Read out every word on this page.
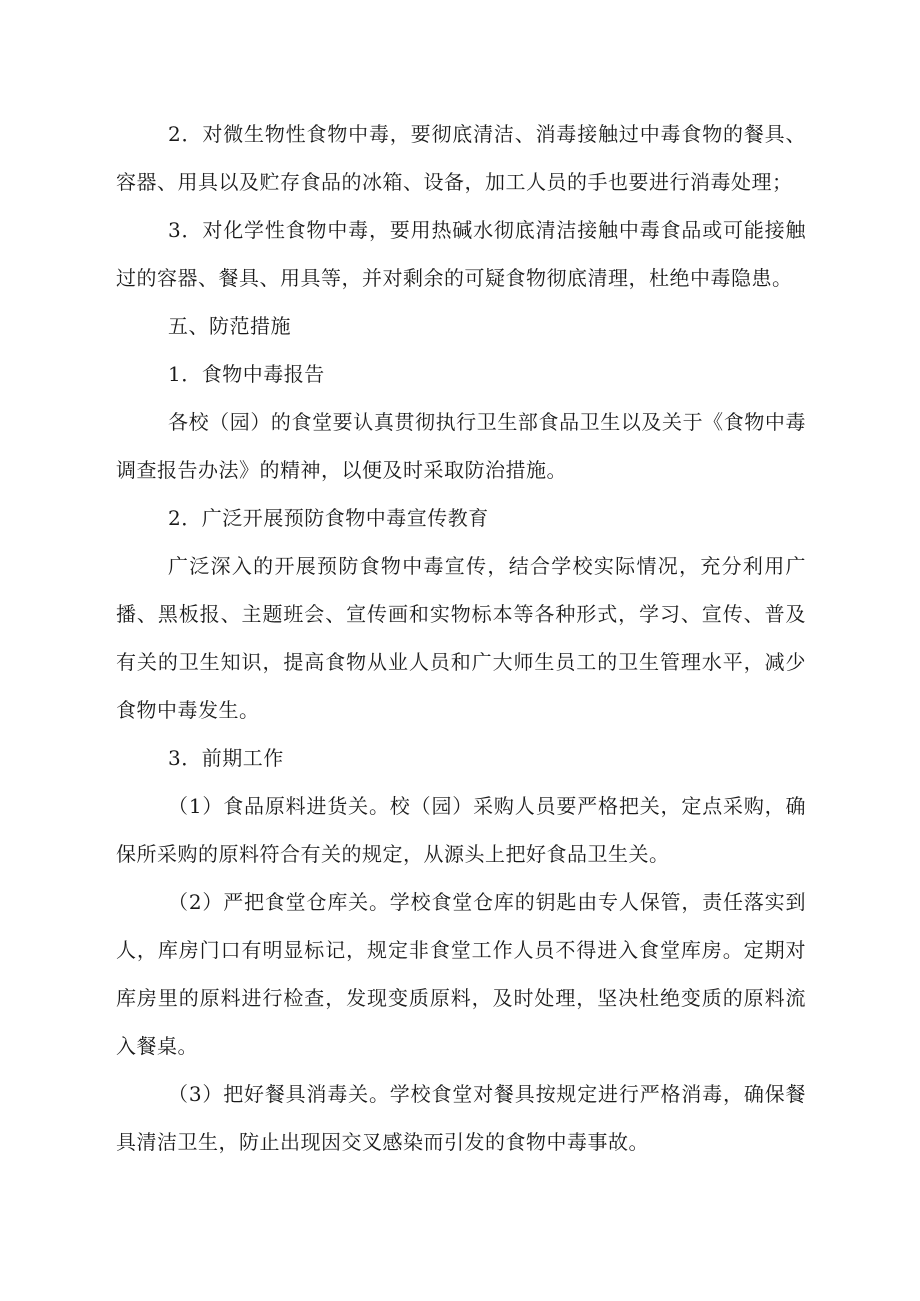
2．对微生物性食物中毒，要彻底清洁、消毒接触过中毒食物的餐具、容器、用具以及贮存食品的冰箱、设备，加工人员的手也要进行消毒处理；

3．对化学性食物中毒，要用热碱水彻底清洁接触中毒食品或可能接触过的容器、餐具、用具等，并对剩余的可疑食物彻底清理，杜绝中毒隐患。

五、防范措施

1．食物中毒报告

各校（园）的食堂要认真贯彻执行卫生部食品卫生以及关于《食物中毒调查报告办法》的精神，以便及时采取防治措施。

2．广泛开展预防食物中毒宣传教育

广泛深入的开展预防食物中毒宣传，结合学校实际情况，充分利用广播、黑板报、主题班会、宣传画和实物标本等各种形式，学习、宣传、普及有关的卫生知识，提高食物从业人员和广大师生员工的卫生管理水平，减少食物中毒发生。

3．前期工作

（1）食品原料进货关。校（园）采购人员要严格把关，定点采购，确保所采购的原料符合有关的规定，从源头上把好食品卫生关。

（2）严把食堂仓库关。学校食堂仓库的钥匙由专人保管，责任落实到人，库房门口有明显标记，规定非食堂工作人员不得进入食堂库房。定期对库房里的原料进行检查，发现变质原料，及时处理，坚决杜绝变质的原料流入餐桌。

（3）把好餐具消毒关。学校食堂对餐具按规定进行严格消毒，确保餐具清洁卫生，防止出现因交叉感染而引发的食物中毒事故。
